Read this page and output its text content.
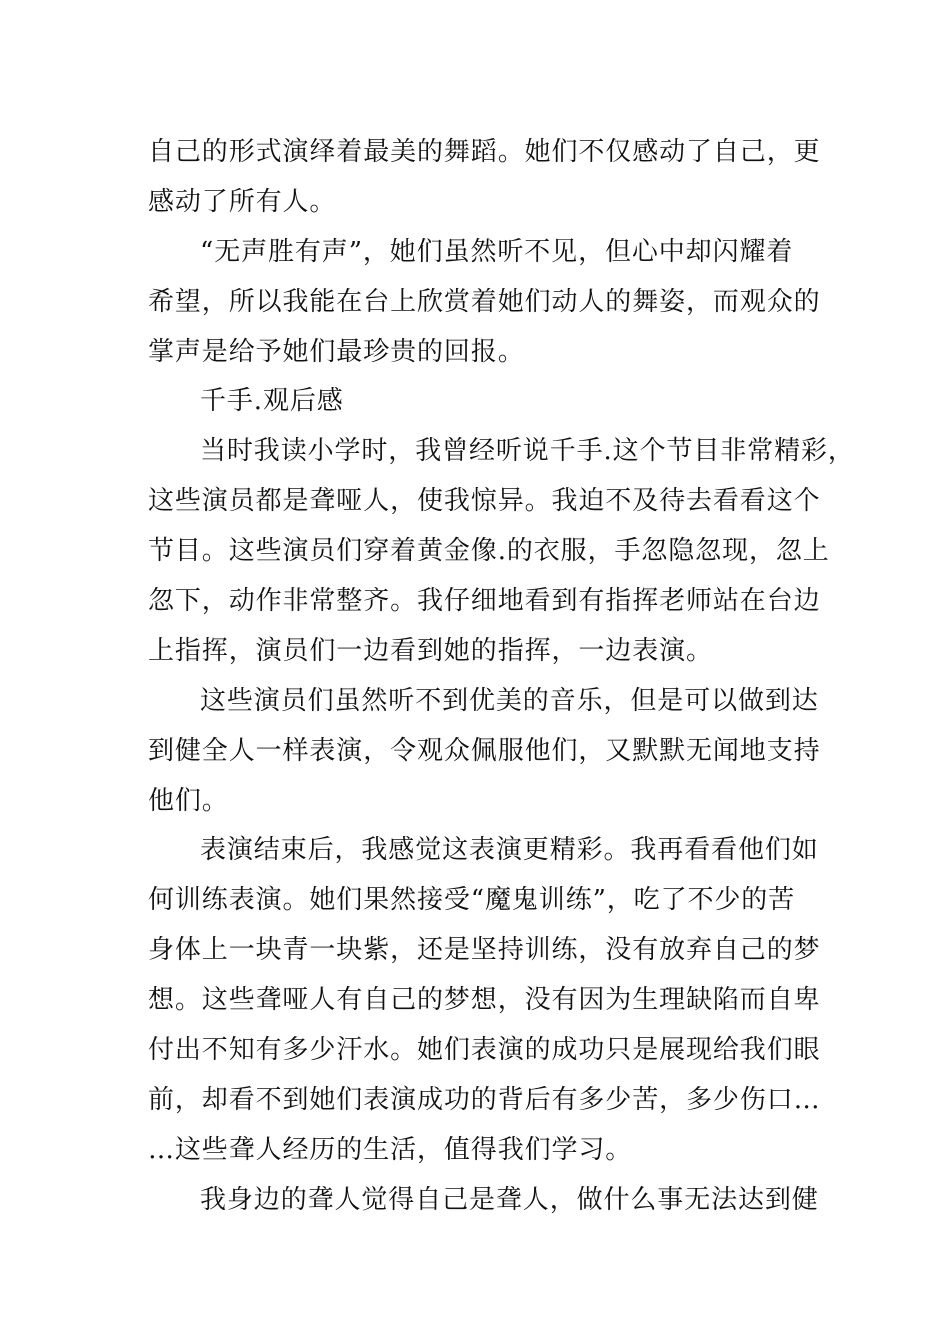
自己的形式演绎着最美的舞蹈。她们不仅感动了自己，更
感动了所有人。
“无声胜有声”，她们虽然听不见，但心中却闪耀着
希望，所以我能在台上欣赏着她们动人的舞姿，而观众的
掌声是给予她们最珍贵的回报。
千手.观后感
当时我读小学时，我曾经听说千手.这个节目非常精彩，
这些演员都是聋哑人，使我惊异。我迫不及待去看看这个
节目。这些演员们穿着黄金像.的衣服，手忽隐忽现，忽上
忽下，动作非常整齐。我仔细地看到有指挥老师站在台边
上指挥，演员们一边看到她的指挥，一边表演。
这些演员们虽然听不到优美的音乐，但是可以做到达
到健全人一样表演，令观众佩服他们，又默默无闻地支持
他们。
表演结束后，我感觉这表演更精彩。我再看看他们如
何训练表演。她们果然接受“魔鬼训练”，吃了不少的苦
身体上一块青一块紫，还是坚持训练，没有放弃自己的梦
想。这些聋哑人有自己的梦想，没有因为生理缺陷而自卑
付出不知有多少汗水。她们表演的成功只是展现给我们眼
前，却看不到她们表演成功的背后有多少苦，多少伤口…
…这些聋人经历的生活，值得我们学习。
我身边的聋人觉得自己是聋人，做什么事无法达到健
